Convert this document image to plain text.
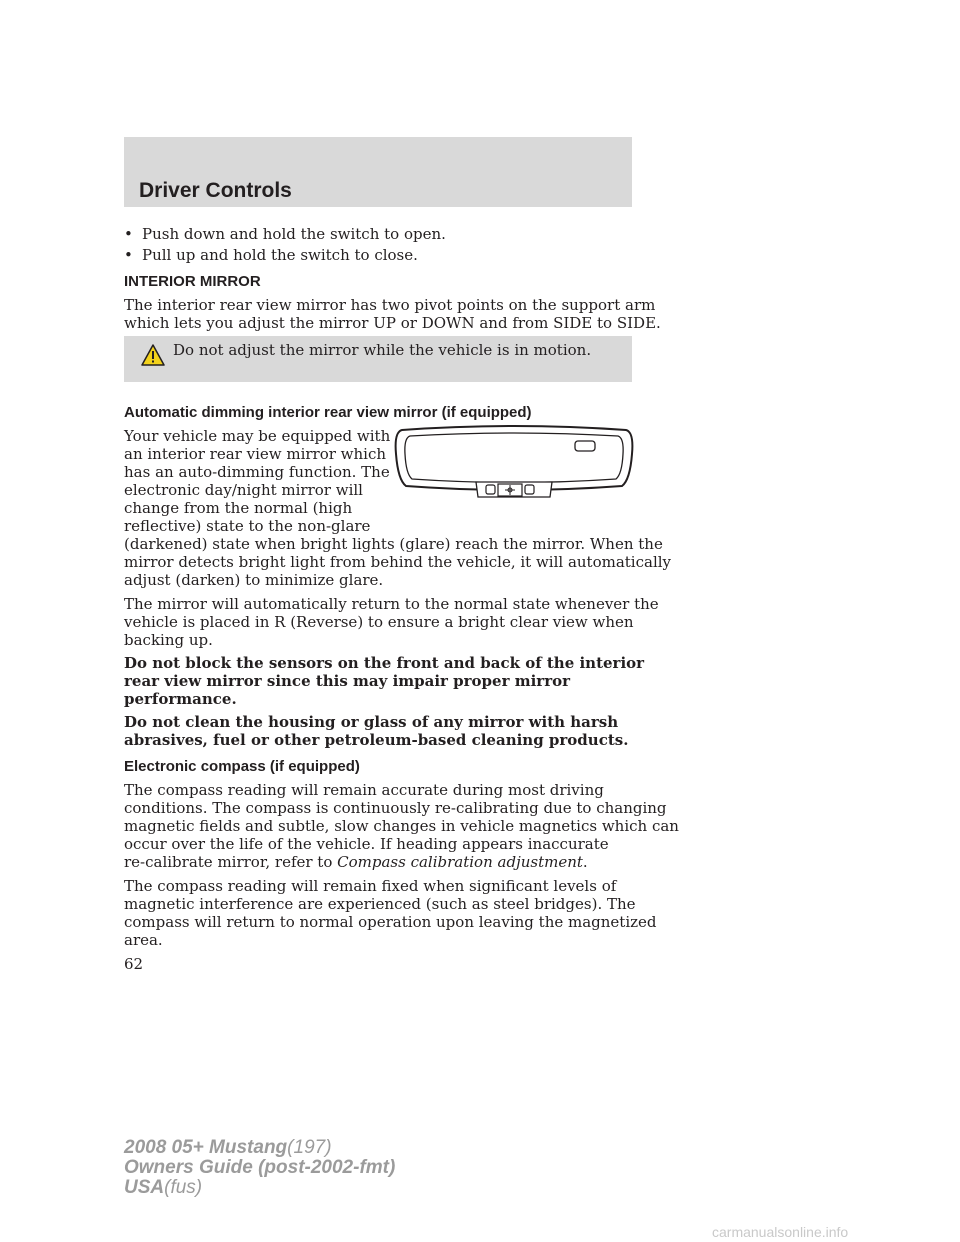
Driver Controls
• Push down and hold the switch to open.
• Pull up and hold the switch to close.
INTERIOR MIRROR
The interior rear view mirror has two pivot points on the support arm
which lets you adjust the mirror UP or DOWN and from SIDE to SIDE.
Do not adjust the mirror while the vehicle is in motion.
Automatic dimming interior rear view mirror (if equipped)
Your vehicle may be equipped with
an interior rear view mirror which
has an auto-dimming function. The
electronic day/night mirror will
change from the normal (high
reflective) state to the non-glare
(darkened) state when bright lights (glare) reach the mirror. When the
mirror detects bright light from behind the vehicle, it will automatically
adjust (darken) to minimize glare.
The mirror will automatically return to the normal state whenever the
vehicle is placed in R (Reverse) to ensure a bright clear view when
backing up.
Do not block the sensors on the front and back of the interior
rear view mirror since this may impair proper mirror
performance.
Do not clean the housing or glass of any mirror with harsh
abrasives, fuel or other petroleum-based cleaning products.
Electronic compass (if equipped)
The compass reading will remain accurate during most driving
conditions. The compass is continuously re-calibrating due to changing
magnetic fields and subtle, slow changes in vehicle magnetics which can
occur over the life of the vehicle. If heading appears inaccurate
re-calibrate mirror, refer to Compass calibration adjustment.
The compass reading will remain fixed when significant levels of
magnetic interference are experienced (such as steel bridges). The
compass will return to normal operation upon leaving the magnetized
area.
62
2008 05+ Mustang(197)
Owners Guide (post-2002-fmt)
USA(fus)
carmanualsonline.info
